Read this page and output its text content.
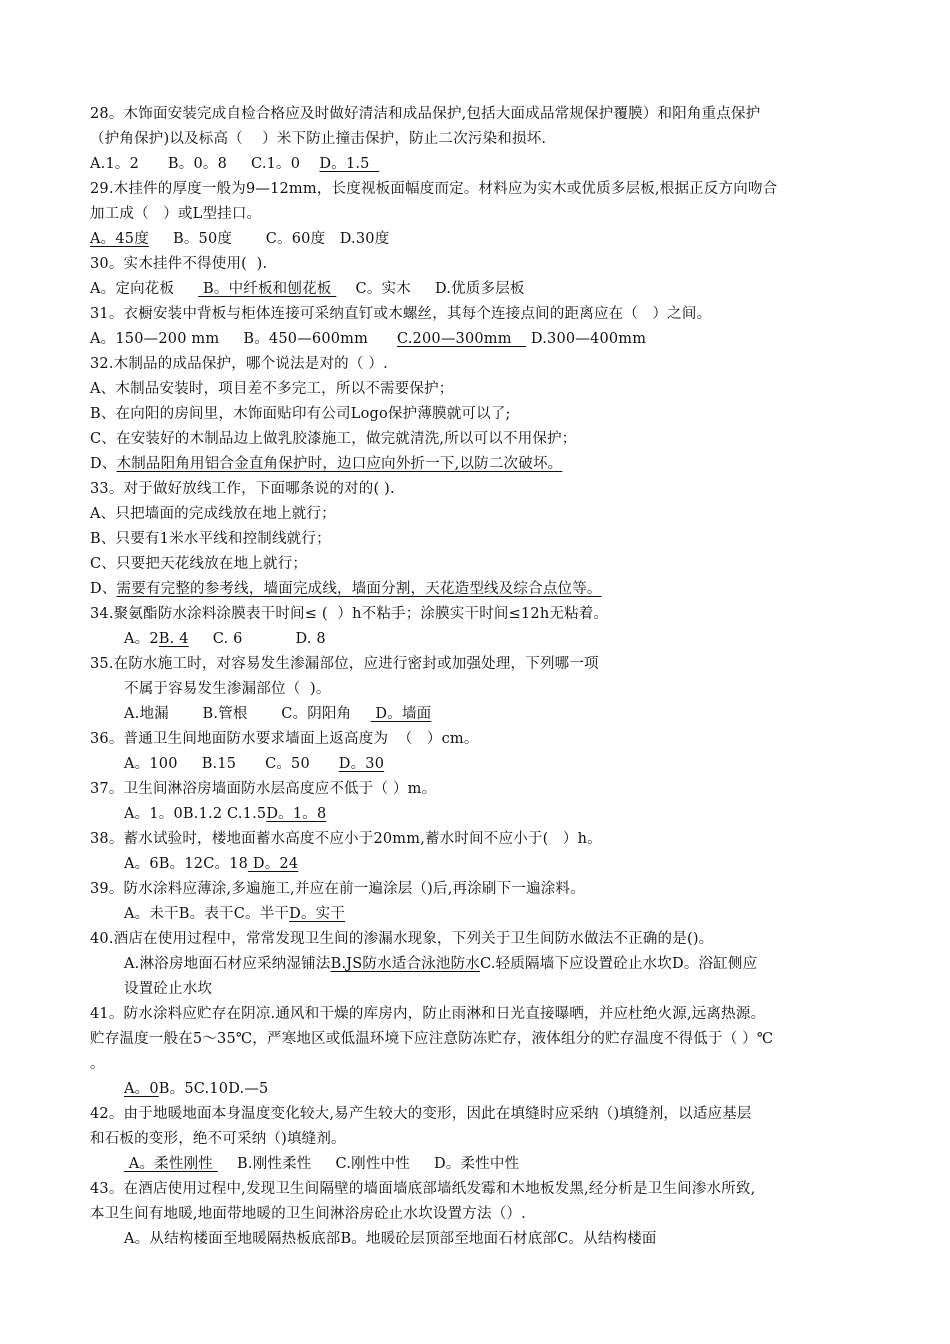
28。木饰面安装完成自检合格应及时做好清洁和成品保护,包括大面成品常规保护覆膜）和阳角重点保护
（护角保护)以及标高（    ）米下防止撞击保护，防止二次污染和损坏.
A.1。2      B。0。8     C.1。0    D。1.5
29.木挂件的厚度一般为9—12mm，长度视板面幅度而定。材料应为实木或优质多层板,根据正反方向吻合
加工成（   ）或L型挂口。
A。45度     B。50度       C。60度   D.30度
30。实木挂件不得使用(  ).
A。定向花板      B。中纤板和刨花板     C。实木     D.优质多层板
31。衣橱安装中背板与柜体连接可采纳直钉或木螺丝，其每个连接点间的距离应在（   ）之间。
A。150—200 mm     B。450—600mm      C.200—300mm    D.300—400mm
32.木制品的成品保护，哪个说法是对的（ ）.
A、木制品安装时，项目差不多完工，所以不需要保护；
B、在向阳的房间里，木饰面贴印有公司Logo保护薄膜就可以了;
C、在安装好的木制品边上做乳胶漆施工，做完就清洗,所以可以不用保护；
D、木制品阳角用铝合金直角保护时，边口应向外折一下,以防二次破坏。
33。对于做好放线工作，下面哪条说的对的( ).
A、只把墙面的完成线放在地上就行；
B、只要有1米水平线和控制线就行；
C、只要把天花线放在地上就行；
D、需要有完整的参考线，墙面完成线，墙面分割，天花造型线及综合点位等。
34.聚氨酯防水涂料涂膜表干时间≤ (  ）h不粘手；涂膜实干时间≤12h无粘着。
A。2B. 4     C. 6           D. 8
35.在防水施工时，对容易发生渗漏部位，应进行密封或加强处理，下列哪一项
不属于容易发生渗漏部位（  )。
A.地漏       B.管根       C。阴阳角     D。墙面
36。普通卫生间地面防水要求墙面上返高度为  （   ）cm。
A。100     B.15      C。50      D。30
37。卫生间淋浴房墙面防水层高度应不低于（ ）m。
A。1。0B.1.2 C.1.5D。1。8
38。蓄水试验时，楼地面蓄水高度不应小于20mm,蓄水时间不应小于(   ）h。
A。6B。12C。18 D。24
39。防水涂料应薄涂,多遍施工,并应在前一遍涂层（)后,再涂刷下一遍涂料。
A。未干B。表干C。半干D。实干
40.酒店在使用过程中，常常发现卫生间的渗漏水现象，下列关于卫生间防水做法不正确的是()。
A.淋浴房地面石材应采纳湿铺法B.JS防水适合泳池防水C.轻质隔墙下应设置砼止水坎D。浴缸侧应
设置砼止水坎
41。防水涂料应贮存在阴凉.通风和干燥的库房内，防止雨淋和日光直接曝晒，并应杜绝火源,远离热源。
贮存温度一般在5～35℃，严寒地区或低温环境下应注意防冻贮存，液体组分的贮存温度不得低于（ ）℃
。
A。0B。5C.10D.—5
42。由于地暖地面本身温度变化较大,易产生较大的变形，因此在填缝时应采纳（)填缝剂，以适应基层
和石板的变形，绝不可采纳（)填缝剂。
A。柔性刚性     B.刚性柔性     C.刚性中性     D。柔性中性
43。在酒店使用过程中,发现卫生间隔壁的墙面墙底部墙纸发霉和木地板发黑,经分析是卫生间渗水所致,
本卫生间有地暖,地面带地暖的卫生间淋浴房砼止水坎设置方法（）.
A。从结构楼面至地暖隔热板底部B。地暖砼层顶部至地面石材底部C。从结构楼面
